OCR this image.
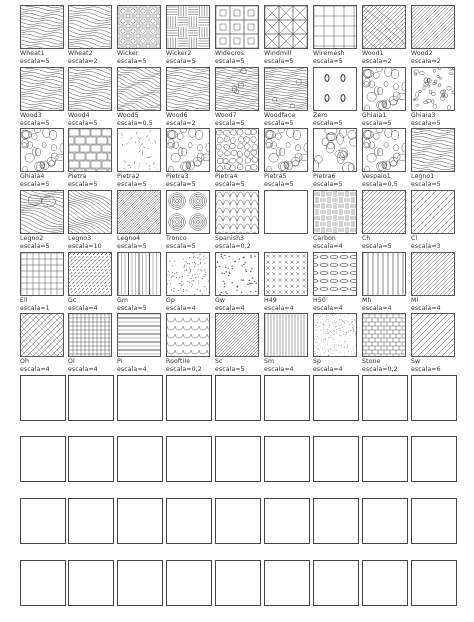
Wheat1
escala=5
Wheat2
escala=2
Wicker
escala=5
Wicker2
escala=5
Widecros
escala=5
Windmill
escala=5
Wiremesh
escala=5
Wood1
escala=2
Wood2
escala=2
Wood3
escala=5
Wood4
escala=5
Wood5
escala=0,5
Wood6
escala=2
Wood7
escala=5
Woodface
escala=5
Zero
escala=5
Ghiaia1
escala=5
Ghiaia3
escala=5
Ghiaia4
escala=5
Pietra
escala=5
Pietra2
escala=5
Pietra3
escala=5
Pietra4
escala=5
Pietra5
escala=5
Pietra6
escala=5
Vespaio1
escala=0,5
Legno1
escala=5
Legno2
escala=5
Legno3
escala=10
Legno4
escala=5
Tronco
escala=5
Spanish3
escala=0,2
Carbon
escala=4
Ch
escala=5
Cl
escala=3
Ell
escala=1
Gc
escala=4
Gm
escala=5
Gp
escala=4
Gw
escala=4
H49
escala=4
H50
escala=4
Mh
escala=4
Ml
escala=4
Oh
escala=4
Ol
escala=4
Pi
escala=4
Rooftile
escala=0,2
Sc
escala=5
Sm
escala=4
Sp
escala=4
Stone
escala=0,2
Sw
escala=6
